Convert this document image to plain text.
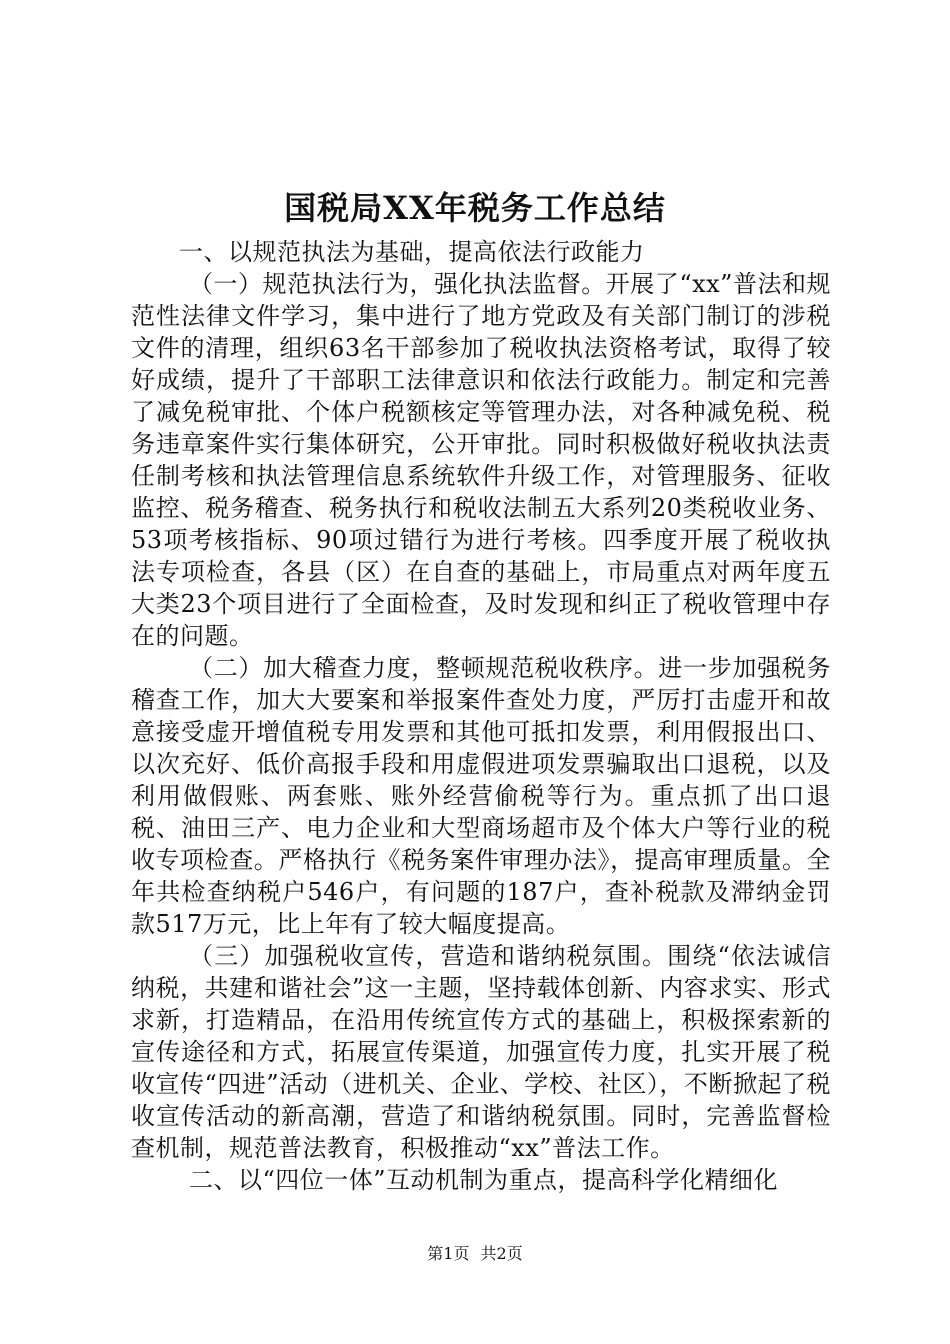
国税局XX年税务工作总结

一、以规范执法为基础，提高依法行政能力

（一）规范执法行为，强化执法监督。开展了“xx”普法和规范性法律文件学习，集中进行了地方党政及有关部门制订的涉税文件的清理，组织63名干部参加了税收执法资格考试，取得了较好成绩，提升了干部职工法律意识和依法行政能力。制定和完善了减免税审批、个体户税额核定等管理办法，对各种减免税、税务违章案件实行集体研究，公开审批。同时积极做好税收执法责任制考核和执法管理信息系统软件升级工作，对管理服务、征收监控、税务稽查、税务执行和税收法制五大系列20类税收业务、53项考核指标、90项过错行为进行考核。四季度开展了税收执法专项检查，各县（区）在自查的基础上，市局重点对两年度五大类23个项目进行了全面检查，及时发现和纠正了税收管理中存在的问题。

（二）加大稽查力度，整顿规范税收秩序。进一步加强税务稽查工作，加大大要案和举报案件查处力度，严厉打击虚开和故意接受虚开增值税专用发票和其他可抵扣发票，利用假报出口、以次充好、低价高报手段和用虚假进项发票骗取出口退税，以及利用做假账、两套账、账外经营偷税等行为。重点抓了出口退税、油田三产、电力企业和大型商场超市及个体大户等行业的税收专项检查。严格执行《税务案件审理办法》，提高审理质量。全年共检查纳税户546户，有问题的187户，查补税款及滞纳金罚款517万元，比上年有了较大幅度提高。

（三）加强税收宣传，营造和谐纳税氛围。围绕“依法诚信纳税，共建和谐社会”这一主题，坚持载体创新、内容求实、形式求新，打造精品，在沿用传统宣传方式的基础上，积极探索新的宣传途径和方式，拓展宣传渠道，加强宣传力度，扎实开展了税收宣传“四进”活动（进机关、企业、学校、社区），不断掀起了税收宣传活动的新高潮，营造了和谐纳税氛围。同时，完善监督检查机制，规范普法教育，积极推动“xx”普法工作。

二、以“四位一体”互动机制为重点，提高科学化精细化

第1页 共2页
